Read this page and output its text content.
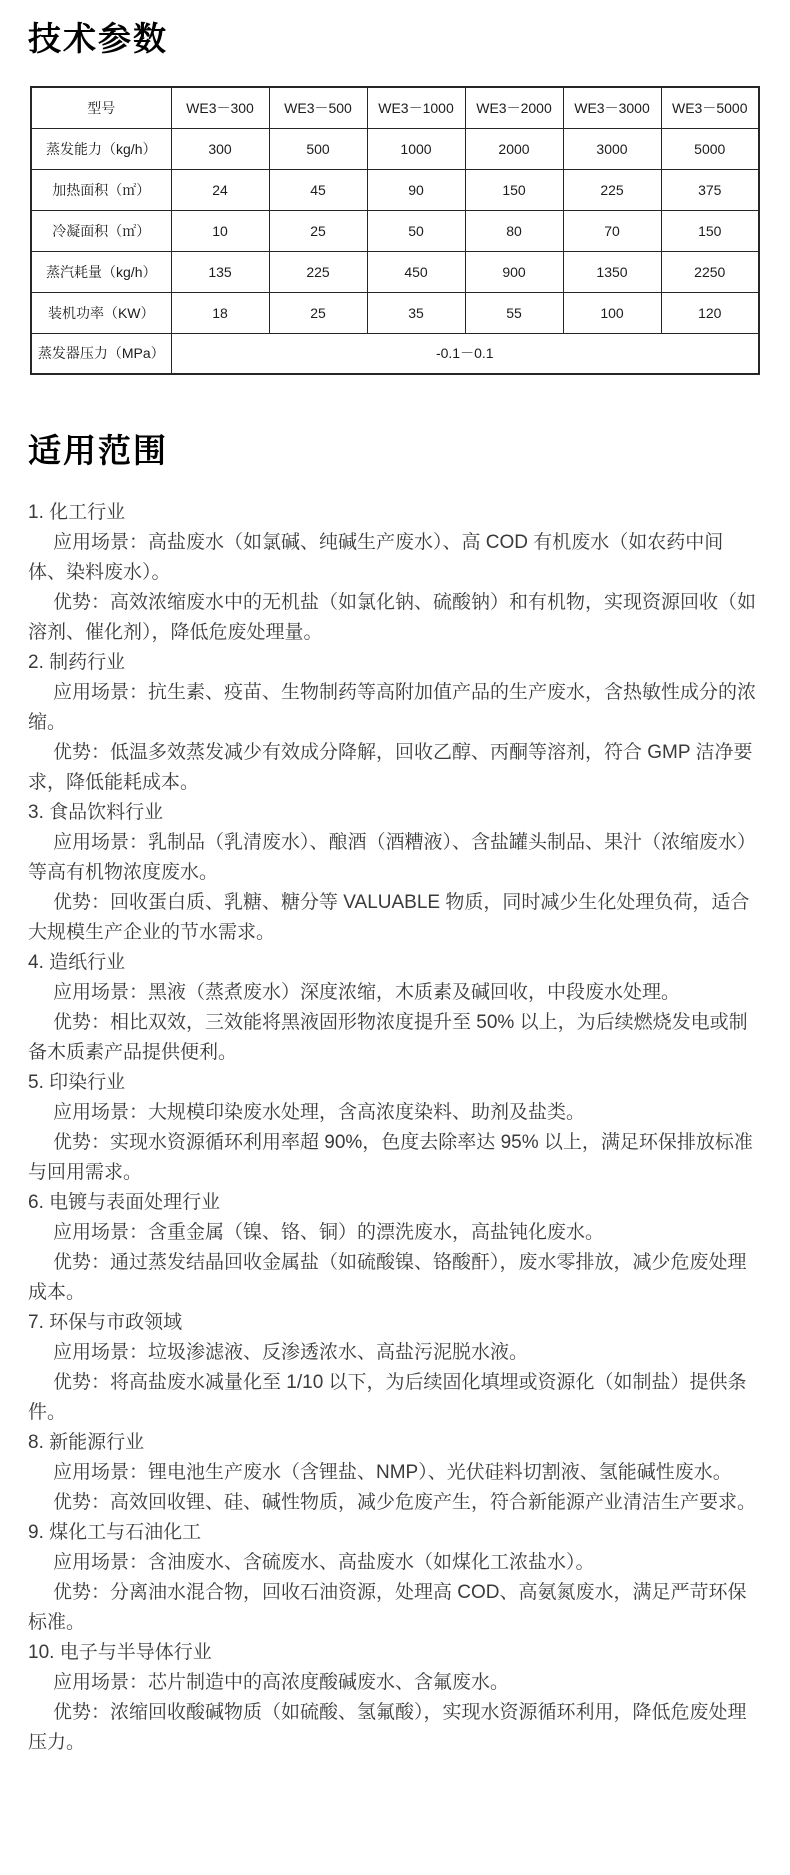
技术参数
型号	WE3－300	WE3－500	WE3－1000	WE3－2000	WE3－3000	WE3－5000
蒸发能力（kg/h）	300	500	1000	2000	3000	5000
加热面积（㎡）	24	45	90	150	225	375
冷凝面积（㎡）	10	25	50	80	70	150
蒸汽耗量（kg/h）	135	225	450	900	1350	2250
装机功率（KW）	18	25	35	55	100	120
蒸发器压力（MPa）	-0.1－0.1					
适用范围

1. 化工行业

应用场景：高盐废水（如氯碱、纯碱生产废水）、高 COD 有机废水（如农药中间体、染料废水）。

优势：高效浓缩废水中的无机盐（如氯化钠、硫酸钠）和有机物，实现资源回收（如溶剂、催化剂），降低危废处理量。

2. 制药行业

应用场景：抗生素、疫苗、生物制药等高附加值产品的生产废水，含热敏性成分的浓缩。

优势：低温多效蒸发减少有效成分降解，回收乙醇、丙酮等溶剂，符合 GMP 洁净要求，降低能耗成本。

3. 食品饮料行业

应用场景：乳制品（乳清废水）、酿酒（酒糟液）、含盐罐头制品、果汁（浓缩废水）等高有机物浓度废水。

优势：回收蛋白质、乳糖、糖分等 VALUABLE 物质，同时减少生化处理负荷，适合大规模生产企业的节水需求。

4. 造纸行业

应用场景：黑液（蒸煮废水）深度浓缩，木质素及碱回收，中段废水处理。

优势：相比双效，三效能将黑液固形物浓度提升至 50% 以上，为后续燃烧发电或制备木质素产品提供便利。

5. 印染行业

应用场景：大规模印染废水处理，含高浓度染料、助剂及盐类。

优势：实现水资源循环利用率超 90%，色度去除率达 95% 以上，满足环保排放标准与回用需求。

6. 电镀与表面处理行业

应用场景：含重金属（镍、铬、铜）的漂洗废水，高盐钝化废水。

优势：通过蒸发结晶回收金属盐（如硫酸镍、铬酸酐），废水零排放，减少危废处理成本。

7. 环保与市政领域

应用场景：垃圾渗滤液、反渗透浓水、高盐污泥脱水液。

优势：将高盐废水减量化至 1/10 以下，为后续固化填埋或资源化（如制盐）提供条件。

8. 新能源行业

应用场景：锂电池生产废水（含锂盐、NMP）、光伏硅料切割液、氢能碱性废水。

优势：高效回收锂、硅、碱性物质，减少危废产生，符合新能源产业清洁生产要求。

9. 煤化工与石油化工

应用场景：含油废水、含硫废水、高盐废水（如煤化工浓盐水）。

优势：分离油水混合物，回收石油资源，处理高 COD、高氨氮废水，满足严苛环保标准。

10. 电子与半导体行业

应用场景：芯片制造中的高浓度酸碱废水、含氟废水。

优势：浓缩回收酸碱物质（如硫酸、氢氟酸），实现水资源循环利用，降低危废处理压力。
